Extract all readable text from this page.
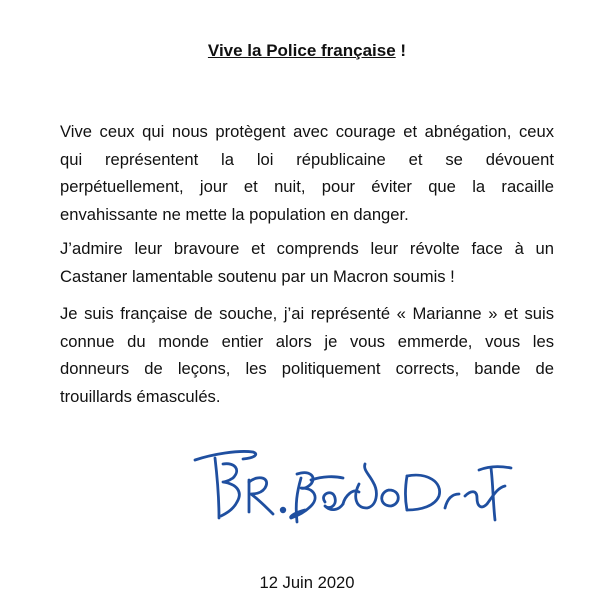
Vive la Police française !

Vive ceux qui nous protègent avec courage et abnégation, ceux qui représentent la loi républicaine et se dévouent perpétuellement, jour et nuit, pour éviter que la racaille envahissante ne mette la population en danger.

J’admire leur bravoure et comprends leur révolte face à un Castaner lamentable soutenu par un Macron soumis !

Je suis française de souche, j’ai représenté « Marianne » et suis connue du monde entier alors je vous emmerde, vous les donneurs de leçons, les politiquement corrects, bande de trouillards émasculés.

12 Juin 2020
